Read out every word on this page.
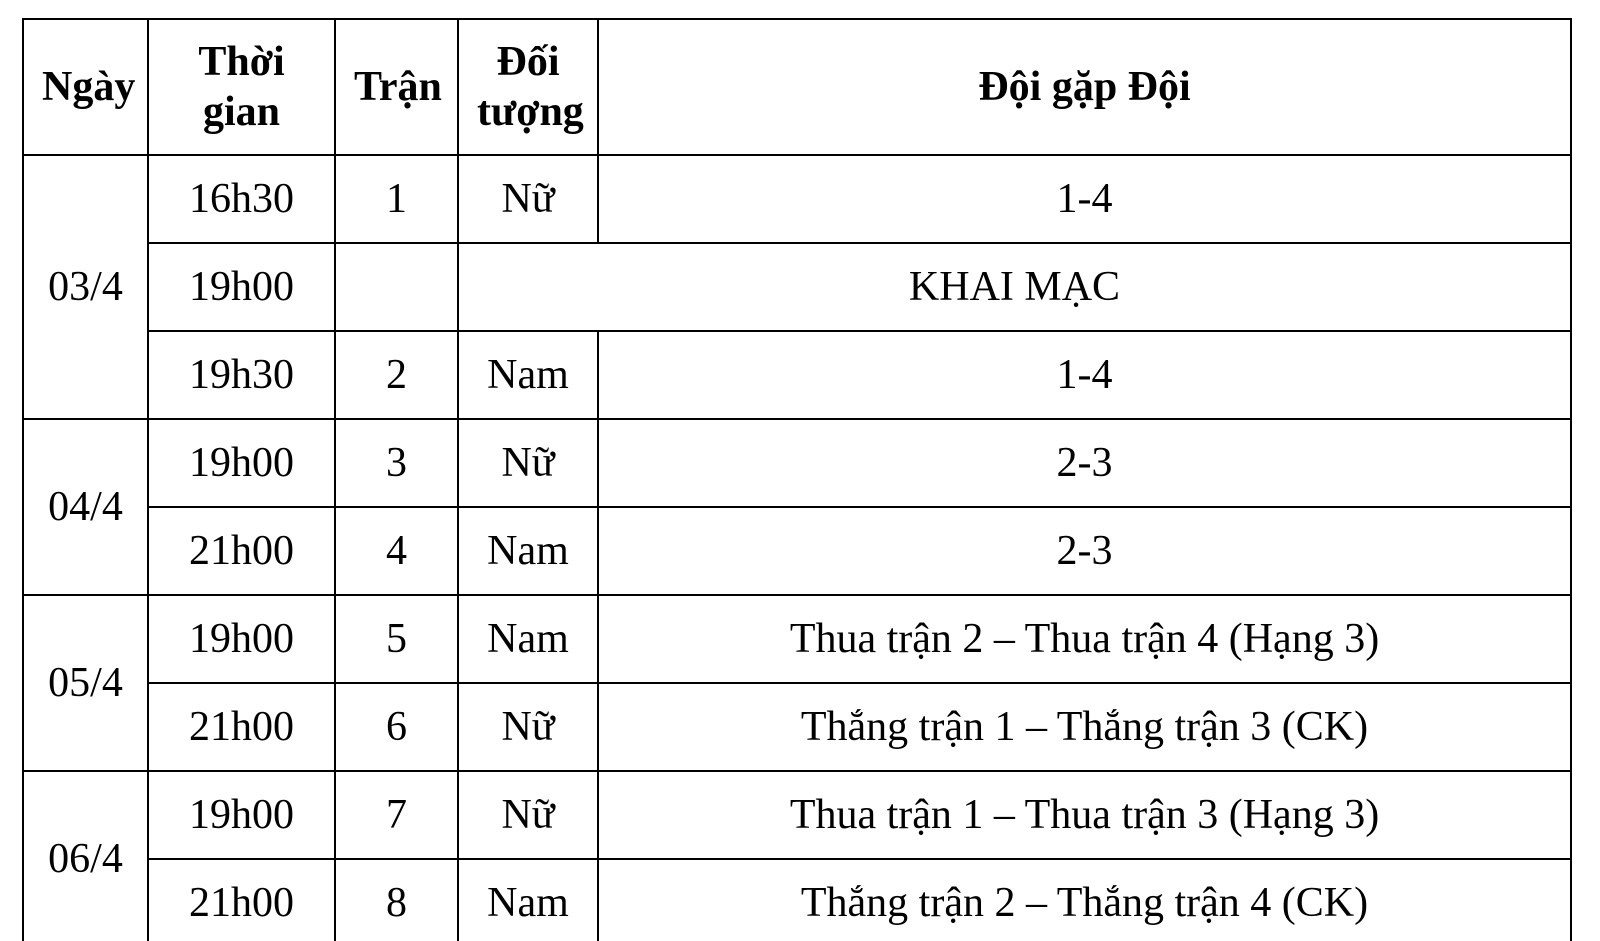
Ngày	Thời gian	Trận	Đối tượng	Đội gặp Đội
03/4	16h30	1	Nữ	1-4
	19h00		KHAI MẠC	
	19h30	2	Nam	1-4
04/4	19h00	3	Nữ	2-3
	21h00	4	Nam	2-3
05/4	19h00	5	Nam	Thua trận 2 – Thua trận 4 (Hạng 3)
	21h00	6	Nữ	Thắng trận 1 – Thắng trận 3 (CK)
06/4	19h00	7	Nữ	Thua trận 1 – Thua trận 3 (Hạng 3)
	21h00	8	Nam	Thắng trận 2 – Thắng trận 4 (CK)
